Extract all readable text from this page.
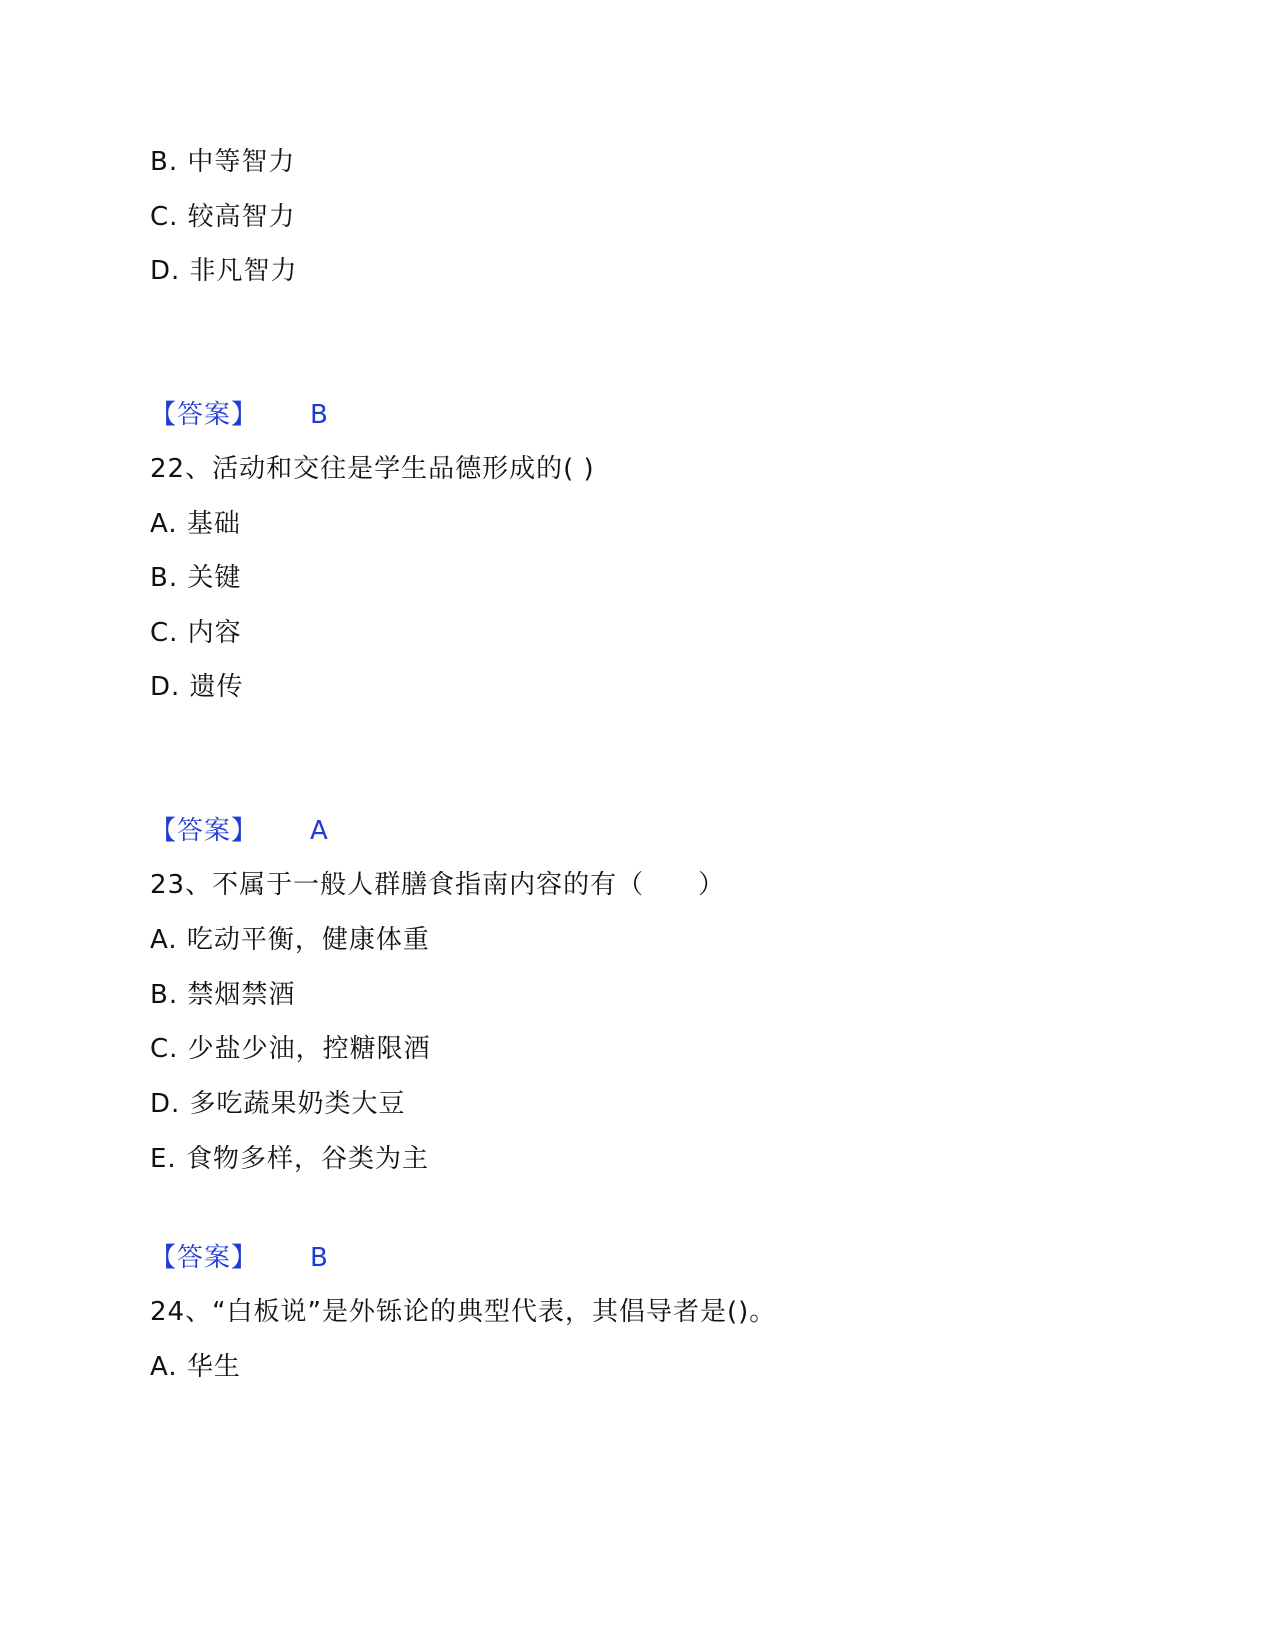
B. 中等智力
C. 较高智力
D. 非凡智力
【答案】 B
22、活动和交往是学生品德形成的( )
A. 基础
B. 关键
C. 内容
D. 遗传
【答案】 A
23、不属于一般人群膳食指南内容的有（　　）
A. 吃动平衡，健康体重
B. 禁烟禁酒
C. 少盐少油，控糖限酒
D. 多吃蔬果奶类大豆
E. 食物多样，谷类为主
【答案】 B
24、“白板说”是外铄论的典型代表，其倡导者是()。
A. 华生
